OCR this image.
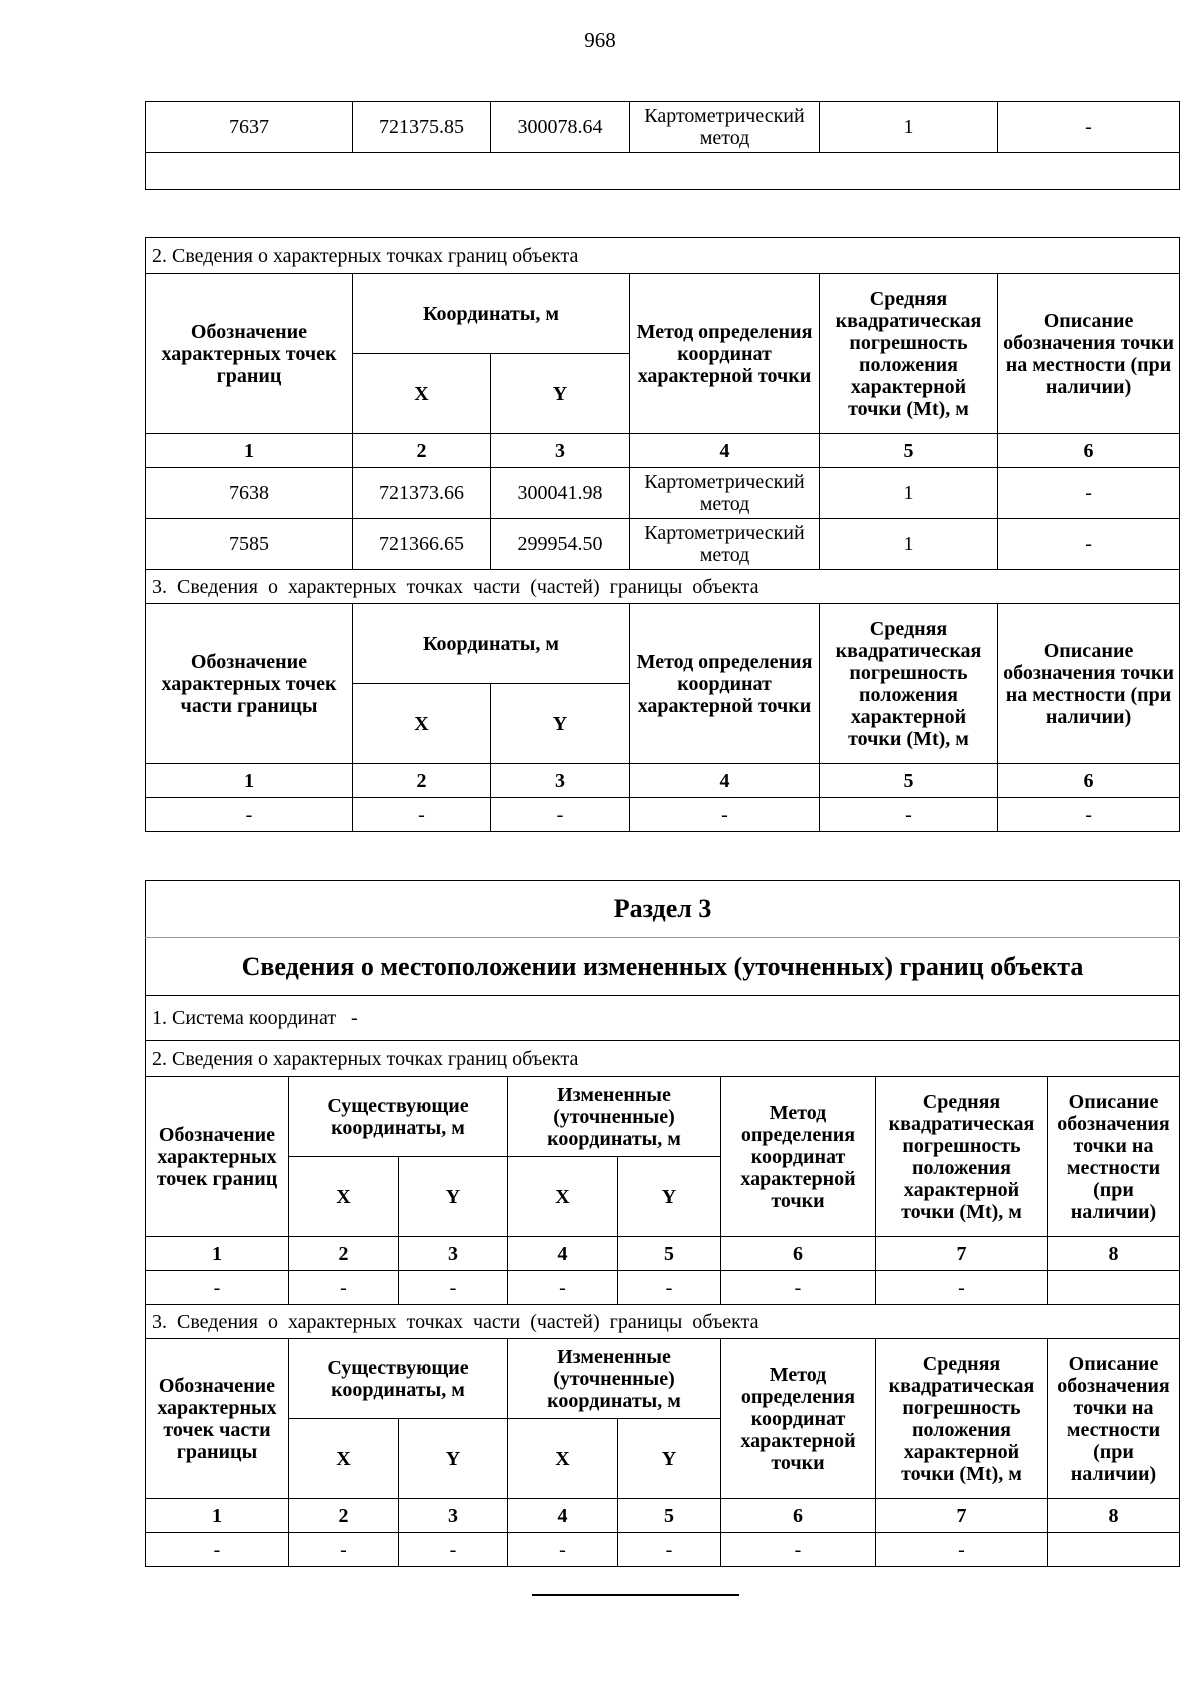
968
7637	721375.85	300078.64	Картометрический метод	1	-

2. Сведения о характерных точках границ объекта					
Обозначение характерных точек границ	Координаты, м		Метод определения координат характерной точки	Средняя квадратическая погрешность положения характерной точки (Mt), м	Описание обозначения точки на местности (при наличии)
	X	Y			
1	2	3	4	5	6
7638	721373.66	300041.98	Картометрический метод	1	-
7585	721366.65	299954.50	Картометрический метод	1	-
3. Сведения о характерных точках части (частей) границы объекта					
Обозначение характерных точек части границы	Координаты, м		Метод определения координат характерной точки	Средняя квадратическая погрешность положения характерной точки (Mt), м	Описание обозначения точки на местности (при наличии)
	X	Y			
1	2	3	4	5	6
-	-	-	-	-	-
Раздел 3							
Сведения о местоположении измененных (уточненных) границ объекта							
1. Система координат   -							
2. Сведения о характерных точках границ объекта							
Обозначение характерных точек границ	Существующие координаты, м		Измененные (уточненные) координаты, м		Метод определения координат характерной точки	Средняя квадратическая погрешность положения характерной точки (Mt), м	Описание обозначения точки на местности (при наличии)
	X	Y	X	Y			
1	2	3	4	5	6	7	8
-	-	-	-	-	-	-	
3. Сведения о характерных точках части (частей) границы объекта							
Обозначение характерных точек части границы	Существующие координаты, м		Измененные (уточненные) координаты, м		Метод определения координат характерной точки	Средняя квадратическая погрешность положения характерной точки (Mt), м	Описание обозначения точки на местности (при наличии)
	X	Y	X	Y			
1	2	3	4	5	6	7	8
-	-	-	-	-	-	-	
